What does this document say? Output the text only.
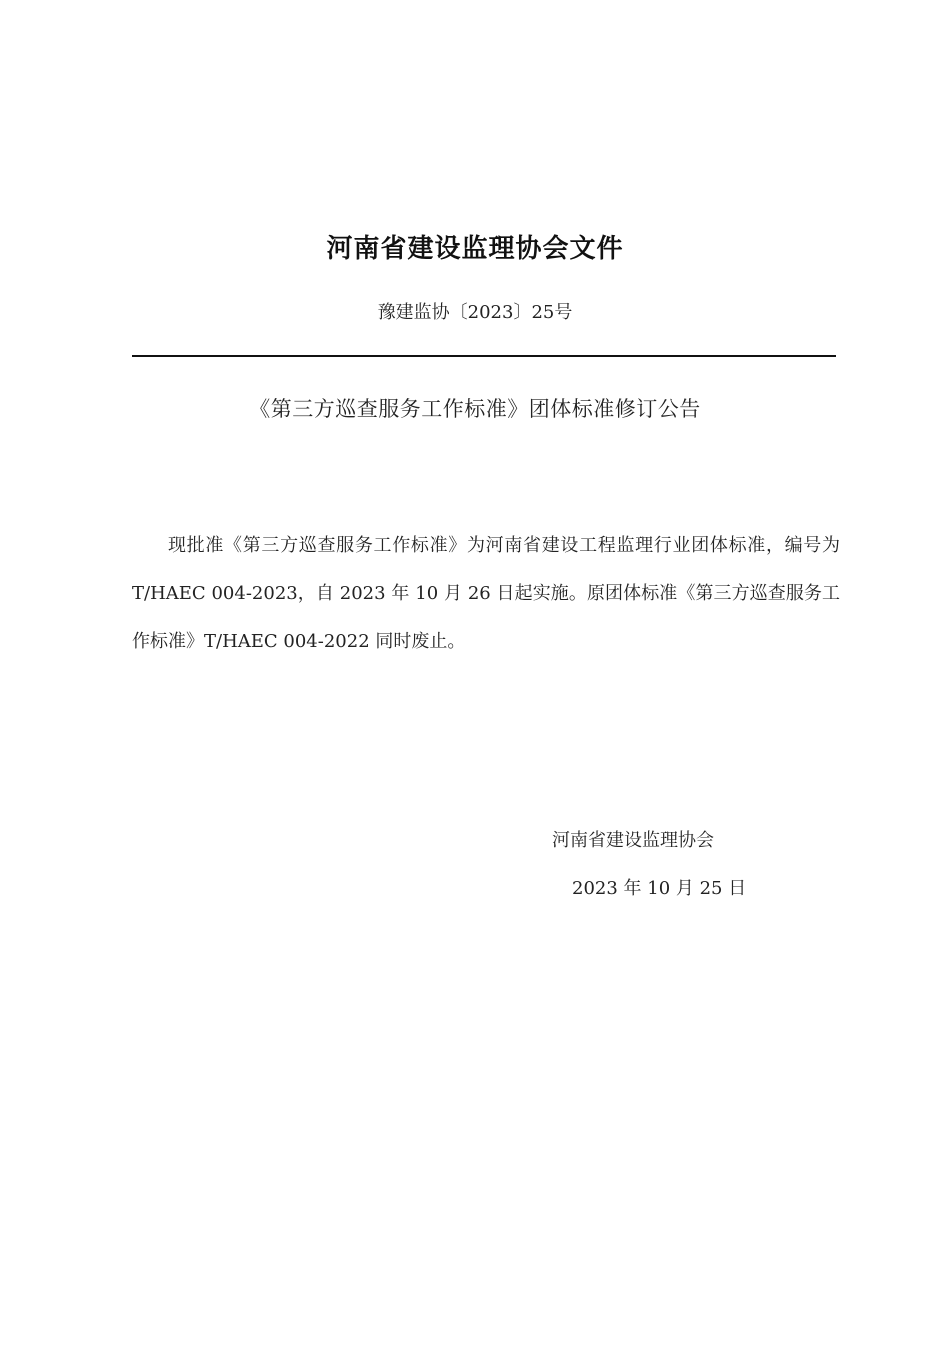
河南省建设监理协会文件
豫建监协〔2023〕25号
《第三方巡查服务工作标准》团体标准修订公告
现批准《第三方巡查服务工作标准》为河南省建设工程监理行业团体标准，编号为 T/HAEC 004-2023，自 2023 年 10 月 26 日起实施。原团体标准《第三方巡查服务工作标准》T/HAEC 004-2022 同时废止。
河南省建设监理协会
2023 年 10 月 25 日
